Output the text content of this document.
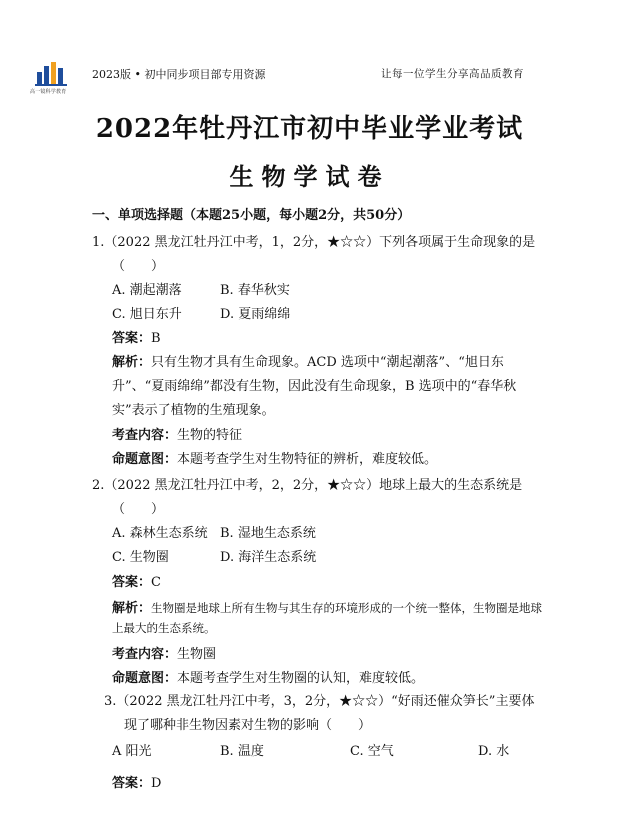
高一镜科学教育
2023版 • 初中同步项目部专用资源	让每一位学生分享高品质教育
2022年牡丹江市初中毕业学业考试
生物学试卷
一、单项选择题（本题25小题，每小题2分，共50分）
1.（2022 黑龙江牡丹江中考，1，2分，★☆☆）下列各项属于生命现象的是
（　　）
A. 潮起潮落	B. 春华秋实
C. 旭日东升	D. 夏雨绵绵
答案：B
解析：只有生物才具有生命现象。ACD 选项中“潮起潮落”、“旭日东
升”、“夏雨绵绵”都没有生物，因此没有生命现象，B 选项中的“春华秋
实”表示了植物的生殖现象。
考查内容：生物的特征
命题意图：本题考查学生对生物特征的辨析，难度较低。
2.（2022 黑龙江牡丹江中考，2，2分，★☆☆）地球上最大的生态系统是
（　　）
A. 森林生态系统 B. 湿地生态系统
C. 生物圈	D. 海洋生态系统
答案：C
解析：生物圈是地球上所有生物与其生存的环境形成的一个统一整体，生物圈是地球
上最大的生态系统。
考查内容：生物圈
命题意图：本题考查学生对生物圈的认知，难度较低。
3.（2022 黑龙江牡丹江中考，3，2分，★☆☆）“好雨还催众笋长”主要体
现了哪种非生物因素对生物的影响（　　）
A 阳光	B. 温度	C. 空气	D. 水
答案：D
